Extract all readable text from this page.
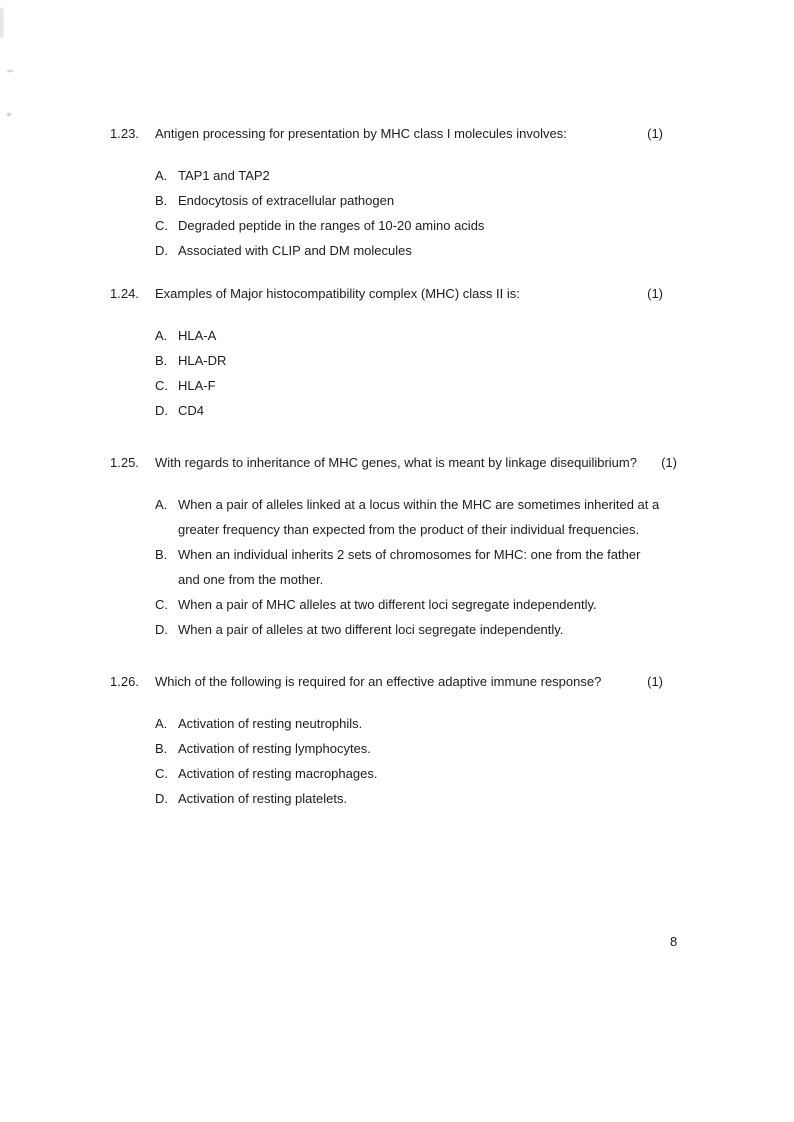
1.23.	Antigen processing for presentation by MHC class I molecules involves:	(1)
A. TAP1 and TAP2
B. Endocytosis of extracellular pathogen
C. Degraded peptide in the ranges of 10-20 amino acids
D. Associated with CLIP and DM molecules
1.24.	Examples of Major histocompatibility complex (MHC) class II is:	(1)
A. HLA-A
B. HLA-DR
C. HLA-F
D. CD4
1.25.	With regards to inheritance of MHC genes, what is meant by linkage disequilibrium?	(1)
A. When a pair of alleles linked at a locus within the MHC are sometimes inherited at a greater frequency than expected from the product of their individual frequencies.
B. When an individual inherits 2 sets of chromosomes for MHC: one from the father and one from the mother.
C. When a pair of MHC alleles at two different loci segregate independently.
D. When a pair of alleles at two different loci segregate independently.
1.26.	Which of the following is required for an effective adaptive immune response?	(1)
A. Activation of resting neutrophils.
B. Activation of resting lymphocytes.
C. Activation of resting macrophages.
D. Activation of resting platelets.
8
